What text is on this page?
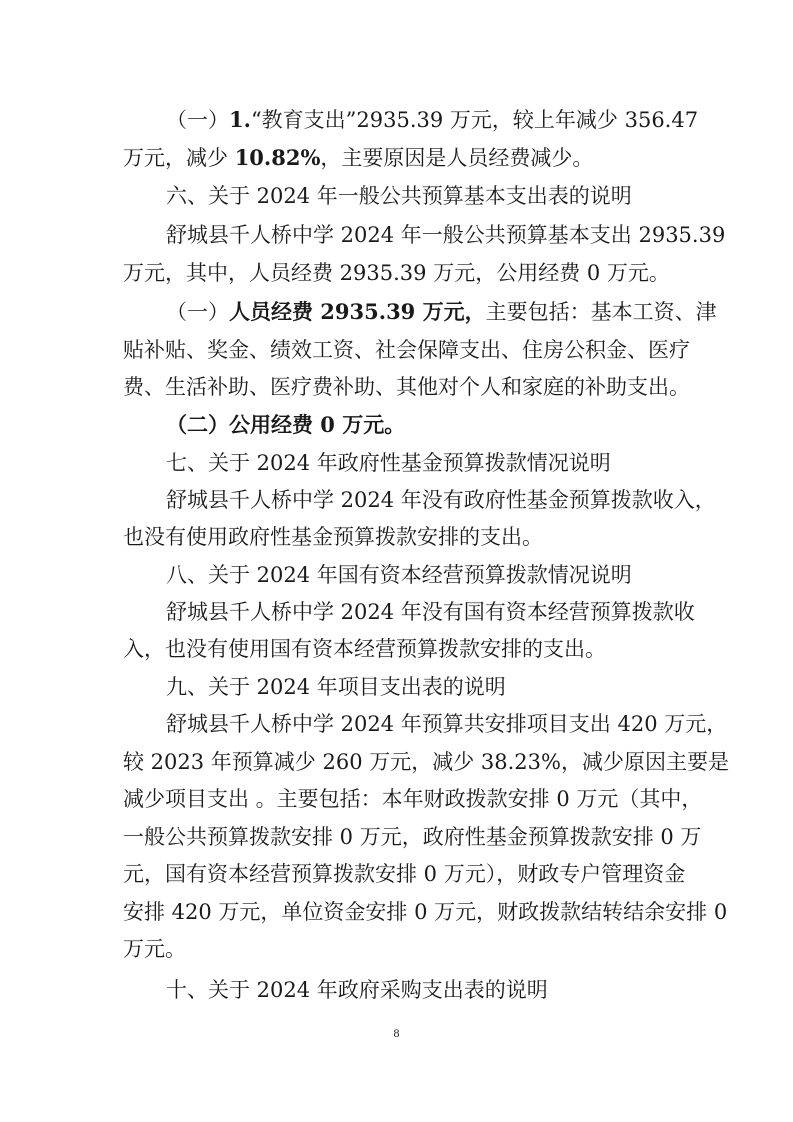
（一）1.“教育支出”2935.39 万元，较上年减少 356.47
万元，减少 10.82%，主要原因是人员经费减少。
六、关于 2024 年一般公共预算基本支出表的说明
舒城县千人桥中学 2024 年一般公共预算基本支出 2935.39
万元，其中，人员经费 2935.39 万元，公用经费 0 万元。
（一）人员经费 2935.39 万元，主要包括：基本工资、津
贴补贴、奖金、绩效工资、社会保障支出、住房公积金、医疗
费、生活补助、医疗费补助、其他对个人和家庭的补助支出。
（二）公用经费 0 万元。
七、关于 2024 年政府性基金预算拨款情况说明
舒城县千人桥中学 2024 年没有政府性基金预算拨款收入，
也没有使用政府性基金预算拨款安排的支出。
八、关于 2024 年国有资本经营预算拨款情况说明
舒城县千人桥中学 2024 年没有国有资本经营预算拨款收
入，也没有使用国有资本经营预算拨款安排的支出。
九、关于 2024 年项目支出表的说明
舒城县千人桥中学 2024 年预算共安排项目支出 420 万元，
较 2023 年预算减少 260 万元，减少 38.23%，减少原因主要是
减少项目支出 。主要包括：本年财政拨款安排 0 万元（其中，
一般公共预算拨款安排 0 万元，政府性基金预算拨款安排 0 万
元，国有资本经营预算拨款安排 0 万元），财政专户管理资金
安排 420 万元，单位资金安排 0 万元，财政拨款结转结余安排 0
万元。
十、关于 2024 年政府采购支出表的说明
8
